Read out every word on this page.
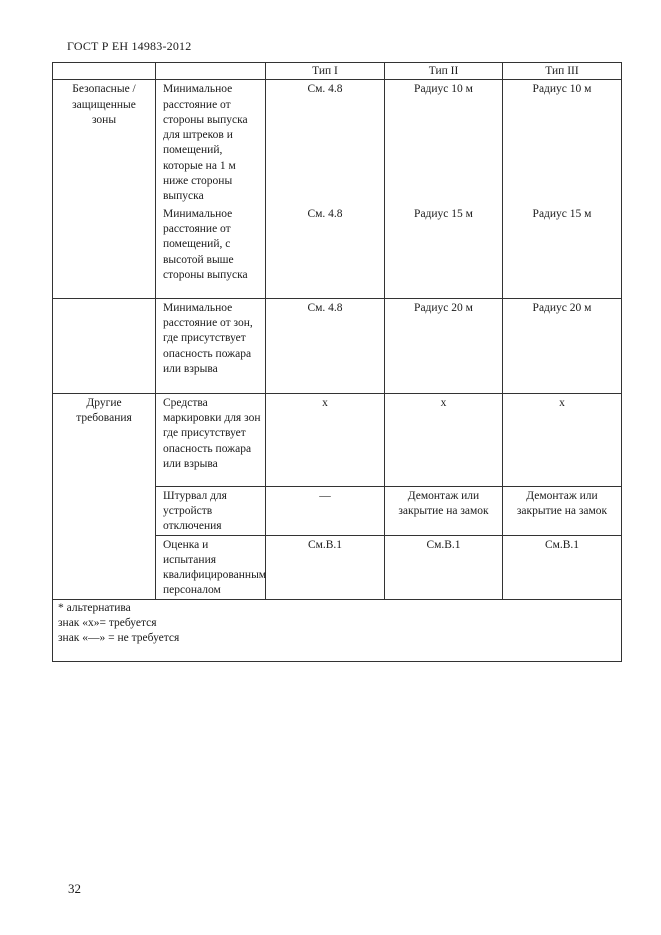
ГОСТ Р ЕН 14983-2012
		Тип I	Тип II	Тип III
Безопасные / защищенные зоны	Минимальное расстояние от стороны выпуска для штреков и помещений, которые на 1 м ниже стороны выпуска	См. 4.8	Радиус 10 м	Радиус 10 м
	Минимальное расстояние от помещений, с высотой выше стороны выпуска	См. 4.8	Радиус 15 м	Радиус 15 м
	Минимальное расстояние от зон, где присутствует опасность пожара или взрыва	См. 4.8	Радиус 20 м	Радиус 20 м
Другие требования	Средства маркировки для зон где присутствует опасность пожара или взрыва	x	x	x
	Штурвал для устройств отключения	—	Демонтаж или закрытие на замок	Демонтаж или закрытие на замок
	Оценка и испытания квалифицированным персоналом	См.В.1	См.В.1	См.В.1

* альтернатива
знак «x»= требуется
знак «—» = не требуется				
32
